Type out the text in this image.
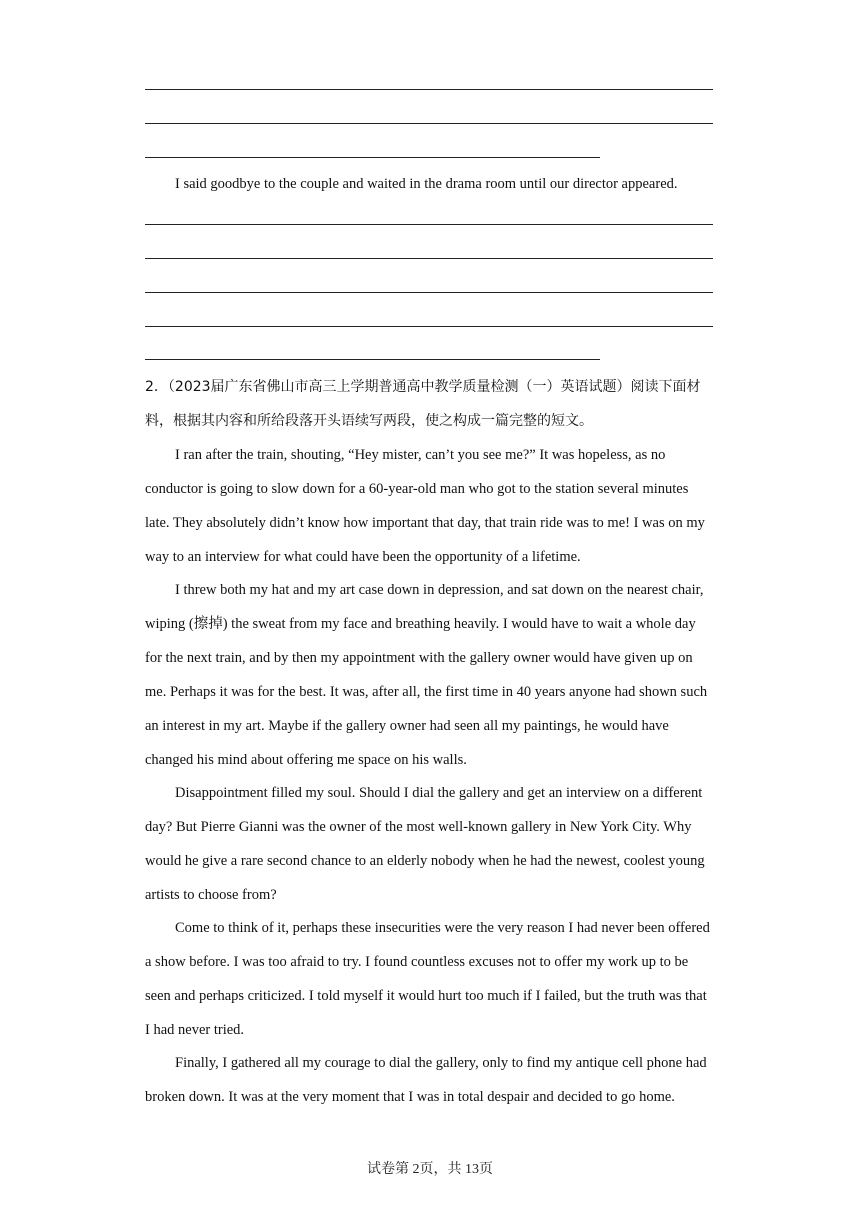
I said goodbye to the couple and waited in the drama room until our director appeared.

2．（2023届广东省佛山市高三上学期普通高中教学质量检测（一）英语试题）阅读下面材料，根据其内容和所给段落开头语续写两段，使之构成一篇完整的短文。

I ran after the train, shouting, “Hey mister, can’t you see me?” It was hopeless, as no conductor is going to slow down for a 60-year-old man who got to the station several minutes late. They absolutely didn’t know how important that day, that train ride was to me! I was on my way to an interview for what could have been the opportunity of a lifetime.

I threw both my hat and my art case down in depression, and sat down on the nearest chair, wiping (擦掉) the sweat from my face and breathing heavily. I would have to wait a whole day for the next train, and by then my appointment with the gallery owner would have given up on me. Perhaps it was for the best. It was, after all, the first time in 40 years anyone had shown such an interest in my art. Maybe if the gallery owner had seen all my paintings, he would have changed his mind about offering me space on his walls.

Disappointment filled my soul. Should I dial the gallery and get an interview on a different day? But Pierre Gianni was the owner of the most well-known gallery in New York City. Why would he give a rare second chance to an elderly nobody when he had the newest, coolest young artists to choose from?

Come to think of it, perhaps these insecurities were the very reason I had never been offered a show before. I was too afraid to try. I found countless excuses not to offer my work up to be seen and perhaps criticized. I told myself it would hurt too much if I failed, but the truth was that I had never tried.

Finally, I gathered all my courage to dial the gallery, only to find my antique cell phone had broken down. It was at the very moment that I was in total despair and decided to go home.

试卷第 2页，共 13页
